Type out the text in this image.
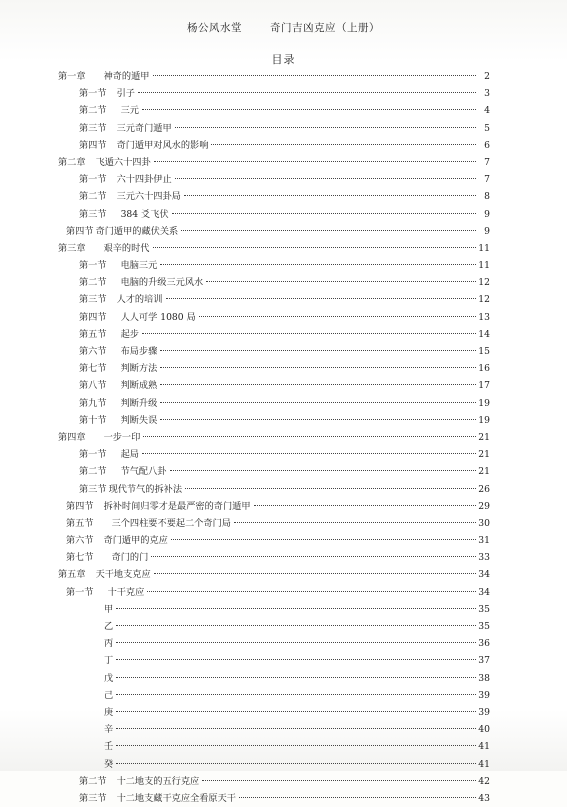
杨公风水堂	奇门吉凶克应（上册）
目录
第一章 神奇的遁甲	2
第一节 引子	3
第二节 三元	4
第三节 三元奇门遁甲	5
第四节 奇门遁甲对风水的影响	6
第二章 飞遁六十四卦	7
第一节 六十四卦伊止	7
第二节 三元六十四卦局	8
第三节 384 爻飞伏	9
第四节 奇门遁甲的藏伏关系	9
第三章 艰辛的时代	11
第一节 电脑三元	11
第二节 电脑的升级三元风水	12
第三节 人才的培训	12
第四节 人人可学 1080 局	13
第五节 起步	14
第六节 布局步骤	15
第七节 判断方法	16
第八节 判断成熟	17
第九节 判断升级	19
第十节 判断失误	19
第四章 一步一印	21
第一节 起局	21
第二节 节气配八卦	21
第三节 现代节气的拆补法	26
第四节 拆补时间归零才是最严密的奇门遁甲	29
第五节 三个四柱要不要起二个奇门局	30
第六节 奇门遁甲的克应	31
第七节 奇门的门	33
第五章 天干地支克应	34
第一节 十干克应	34
甲	35
乙	35
丙	36
丁	37
戊	38
己	39
庚	39
辛	40
壬	41
癸	41
第二节 十二地支的五行克应	42
第三节 十二地支藏干克应全看原天干	43
